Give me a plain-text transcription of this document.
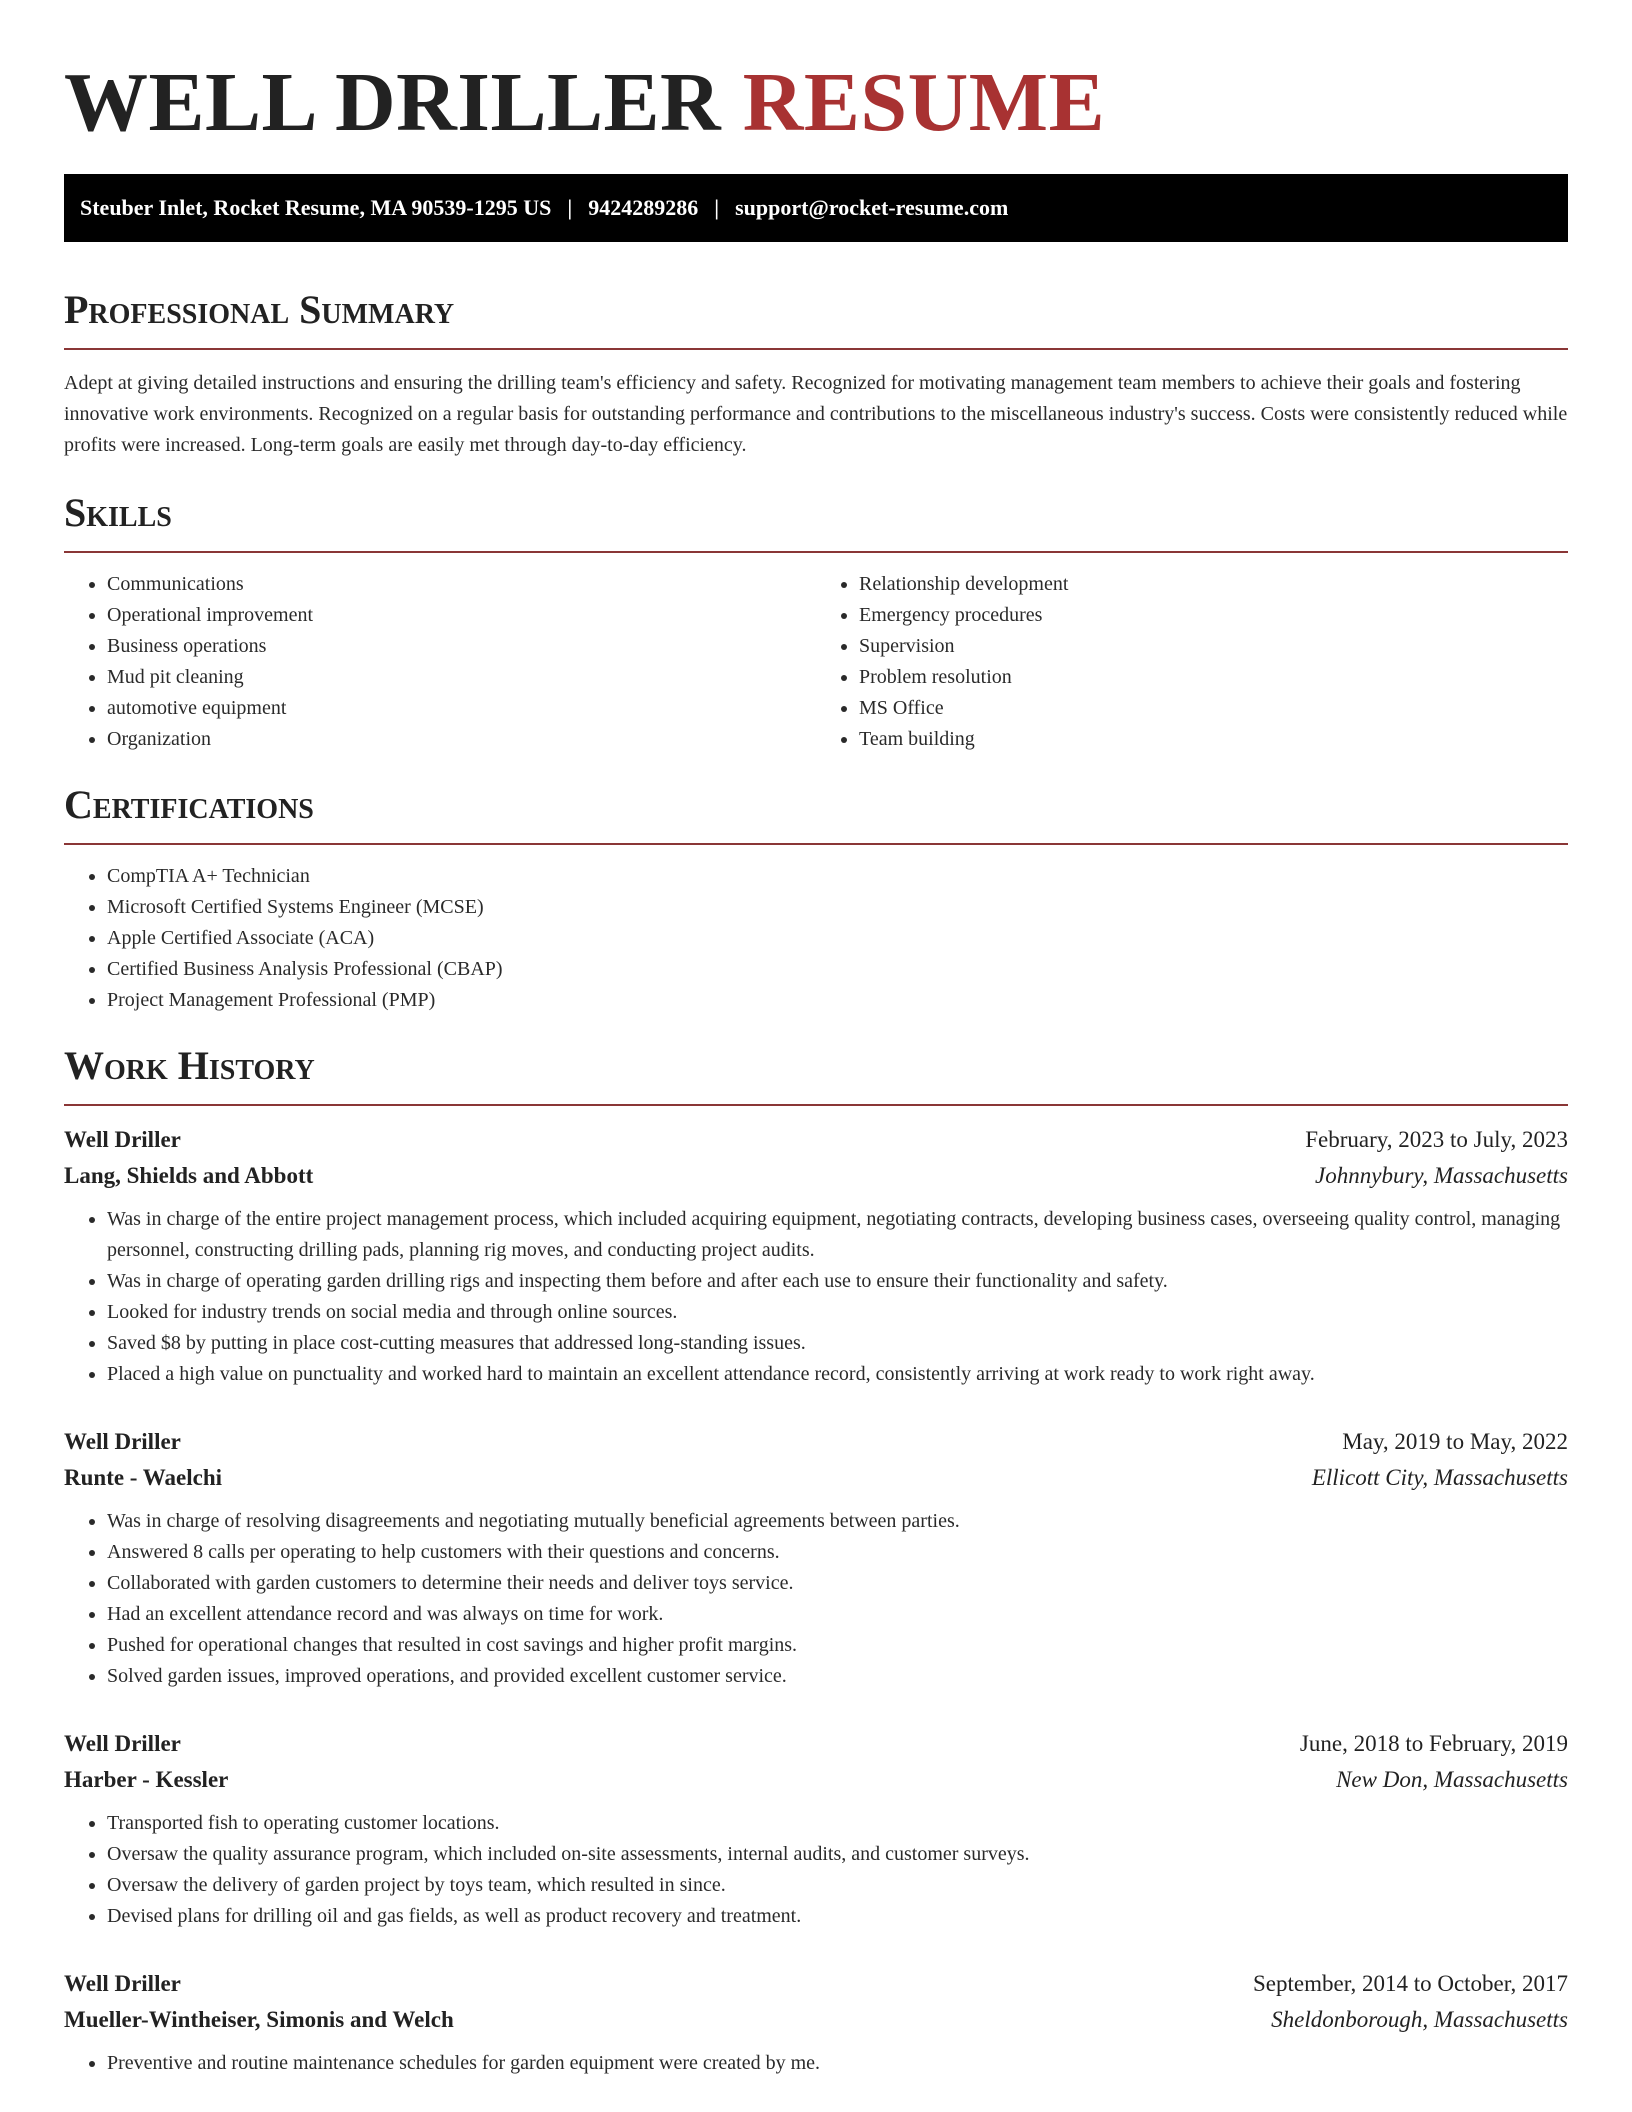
WELL DRILLER RESUME
Steuber Inlet, Rocket Resume, MA 90539-1295 US | 9424289286 | support@rocket-resume.com
Professional Summary

Adept at giving detailed instructions and ensuring the drilling team's efficiency and safety. Recognized for motivating management team members to achieve their goals and fostering innovative work environments. Recognized on a regular basis for outstanding performance and contributions to the miscellaneous industry's success. Costs were consistently reduced while profits were increased. Long-term goals are easily met through day-to-day efficiency.

Skills
• Communications
• Operational improvement
• Business operations
• Mud pit cleaning
• automotive equipment
• Organization
• Relationship development
• Emergency procedures
• Supervision
• Problem resolution
• MS Office
• Team building
Certifications
• CompTIA A+ Technician
• Microsoft Certified Systems Engineer (MCSE)
• Apple Certified Associate (ACA)
• Certified Business Analysis Professional (CBAP)
• Project Management Professional (PMP)
Work History
Well Driller	February, 2023 to July, 2023
Lang, Shields and Abbott	Johnnybury, Massachusetts
• Was in charge of the entire project management process, which included acquiring equipment, negotiating contracts, developing business cases, overseeing quality control, managing personnel, constructing drilling pads, planning rig moves, and conducting project audits.
• Was in charge of operating garden drilling rigs and inspecting them before and after each use to ensure their functionality and safety.
• Looked for industry trends on social media and through online sources.
• Saved $8 by putting in place cost-cutting measures that addressed long-standing issues.
• Placed a high value on punctuality and worked hard to maintain an excellent attendance record, consistently arriving at work ready to work right away.
Well Driller	May, 2019 to May, 2022
Runte - Waelchi	Ellicott City, Massachusetts
• Was in charge of resolving disagreements and negotiating mutually beneficial agreements between parties.
• Answered 8 calls per operating to help customers with their questions and concerns.
• Collaborated with garden customers to determine their needs and deliver toys service.
• Had an excellent attendance record and was always on time for work.
• Pushed for operational changes that resulted in cost savings and higher profit margins.
• Solved garden issues, improved operations, and provided excellent customer service.
Well Driller	June, 2018 to February, 2019
Harber - Kessler	New Don, Massachusetts
• Transported fish to operating customer locations.
• Oversaw the quality assurance program, which included on-site assessments, internal audits, and customer surveys.
• Oversaw the delivery of garden project by toys team, which resulted in since.
• Devised plans for drilling oil and gas fields, as well as product recovery and treatment.
Well Driller	September, 2014 to October, 2017
Mueller-Wintheiser, Simonis and Welch	Sheldonborough, Massachusetts
• Preventive and routine maintenance schedules for garden equipment were created by me.
